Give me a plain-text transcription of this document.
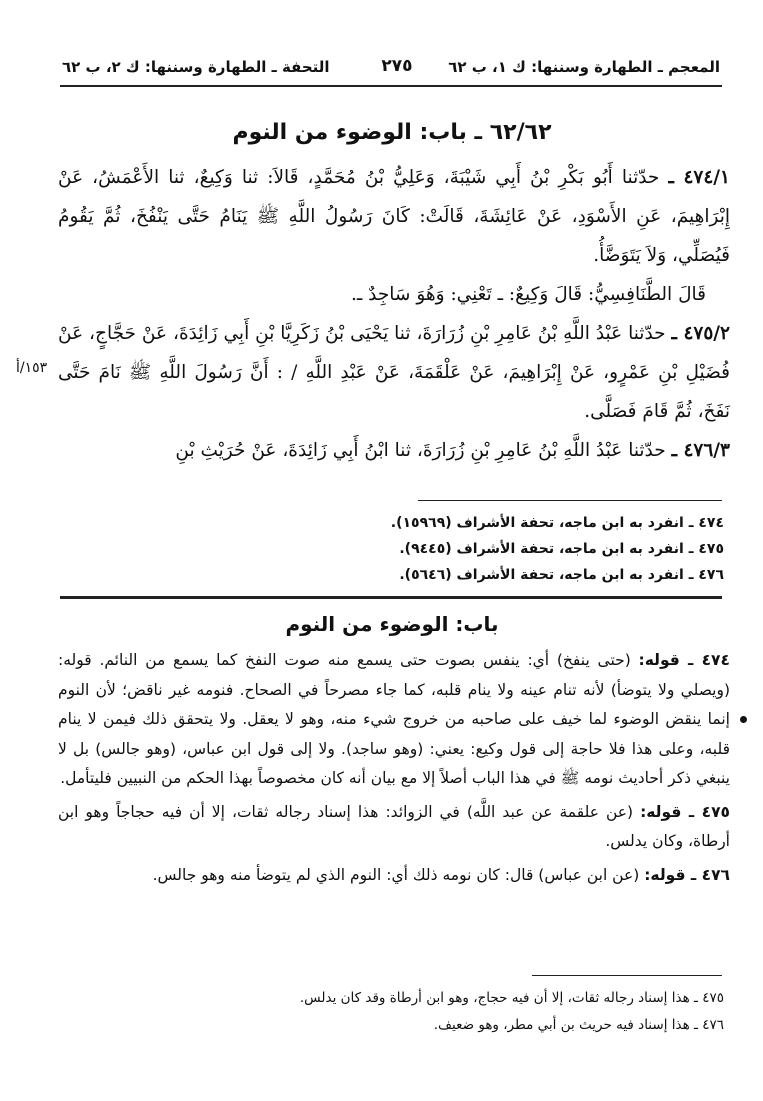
المعجم ـ الطهارة وسننها: ك ١، ب ٦٢
٢٧٥
التحفة ـ الطهارة وسننها: ك ٢، ب ٦٢
٦٢/٦٢ ـ باب: الوضوء من النوم

٤٧٤/١ ـ حدّثنا أَبُو بَكْرِ بْنُ أَبِي شَيْبَةَ، وَعَلِيُّ بْنُ مُحَمَّدٍ، قَالاَ: ثنا وَكِيعٌ، ثنا الأَعْمَشُ، عَنْ إِبْرَاهِيمَ، عَنِ الأَسْوَدِ، عَنْ عَائِشَةَ، قَالَتْ: كَانَ رَسُولُ اللَّهِ ﷺ يَنَامُ حَتَّى يَنْفُخَ، ثُمَّ يَقُومُ فَيُصَلِّي، وَلاَ يَتَوَضَّأُ.

قَالَ الطَّنَافِسِيُّ: قَالَ وَكِيعٌ: ـ تَعْنِي: وَهُوَ سَاجِدٌ ـ.

٤٧٥/٢ ـ حدّثنا عَبْدُ اللَّهِ بْنُ عَامِرِ بْنِ زُرَارَةَ، ثنا يَحْيَى بْنُ زَكَرِيَّا بْنِ أَبِي زَائِدَةَ، عَنْ حَجَّاجٍ، عَنْ فُضَيْلِ بْنِ عَمْرٍو، عَنْ إِبْرَاهِيمَ، عَنْ عَلْقَمَةَ، عَنْ عَبْدِ اللَّهِ / : أَنَّ رَسُولَ اللَّهِ ﷺ نَامَ حَتَّى نَفَخَ، ثُمَّ قَامَ فَصَلَّى.

٤٧٦/٣ ـ حدّثنا عَبْدُ اللَّهِ بْنُ عَامِرِ بْنِ زُرَارَةَ، ثنا ابْنُ أَبِي زَائِدَةَ، عَنْ حُرَيْثِ بْنِ

١٥٣/أ
٤٧٤ ـ انفرد به ابن ماجه، تحفة الأشراف (١٥٩٦٩).
٤٧٥ ـ انفرد به ابن ماجه، تحفة الأشراف (٩٤٤٥).
٤٧٦ ـ انفرد به ابن ماجه، تحفة الأشراف (٥٦٤٦).
باب: الوضوء من النوم

٤٧٤ ـ قوله: (حتى ينفخ) أي: ينفس بصوت حتى يسمع منه صوت النفخ كما يسمع من النائم. قوله: (ويصلي ولا يتوضأ) لأنه تنام عينه ولا ينام قلبه، كما جاء مصرحاً في الصحاح. فنومه غير ناقض؛ لأن النوم إنما ينقض الوضوء لما خيف على صاحبه من خروج شيء منه، وهو لا يعقل. ولا يتحقق ذلك فيمن لا ينام قلبه، وعلى هذا فلا حاجة إلى قول وكيع: يعني: (وهو ساجد). ولا إلى قول ابن عباس، (وهو جالس) بل لا ينبغي ذكر أحاديث نومه ﷺ في هذا الباب أصلاً إلا مع بيان أنه كان مخصوصاً بهذا الحكم من النبيين فليتأمل.

٤٧٥ ـ قوله: (عن علقمة عن عبد اللَّه) في الزوائد: هذا إسناد رجاله ثقات، إلا أن فيه حجاجاً وهو ابن أرطاة، وكان يدلس.

٤٧٦ ـ قوله: (عن ابن عباس) قال: كان نومه ذلك أي: النوم الذي لم يتوضأ منه وهو جالس.

٤٧٥ ـ هذا إسناد رجاله ثقات، إلا أن فيه حجاج، وهو ابن أرطاة وقد كان يدلس.
٤٧٦ ـ هذا إسناد فيه حريث بن أبي مطر، وهو ضعيف.
